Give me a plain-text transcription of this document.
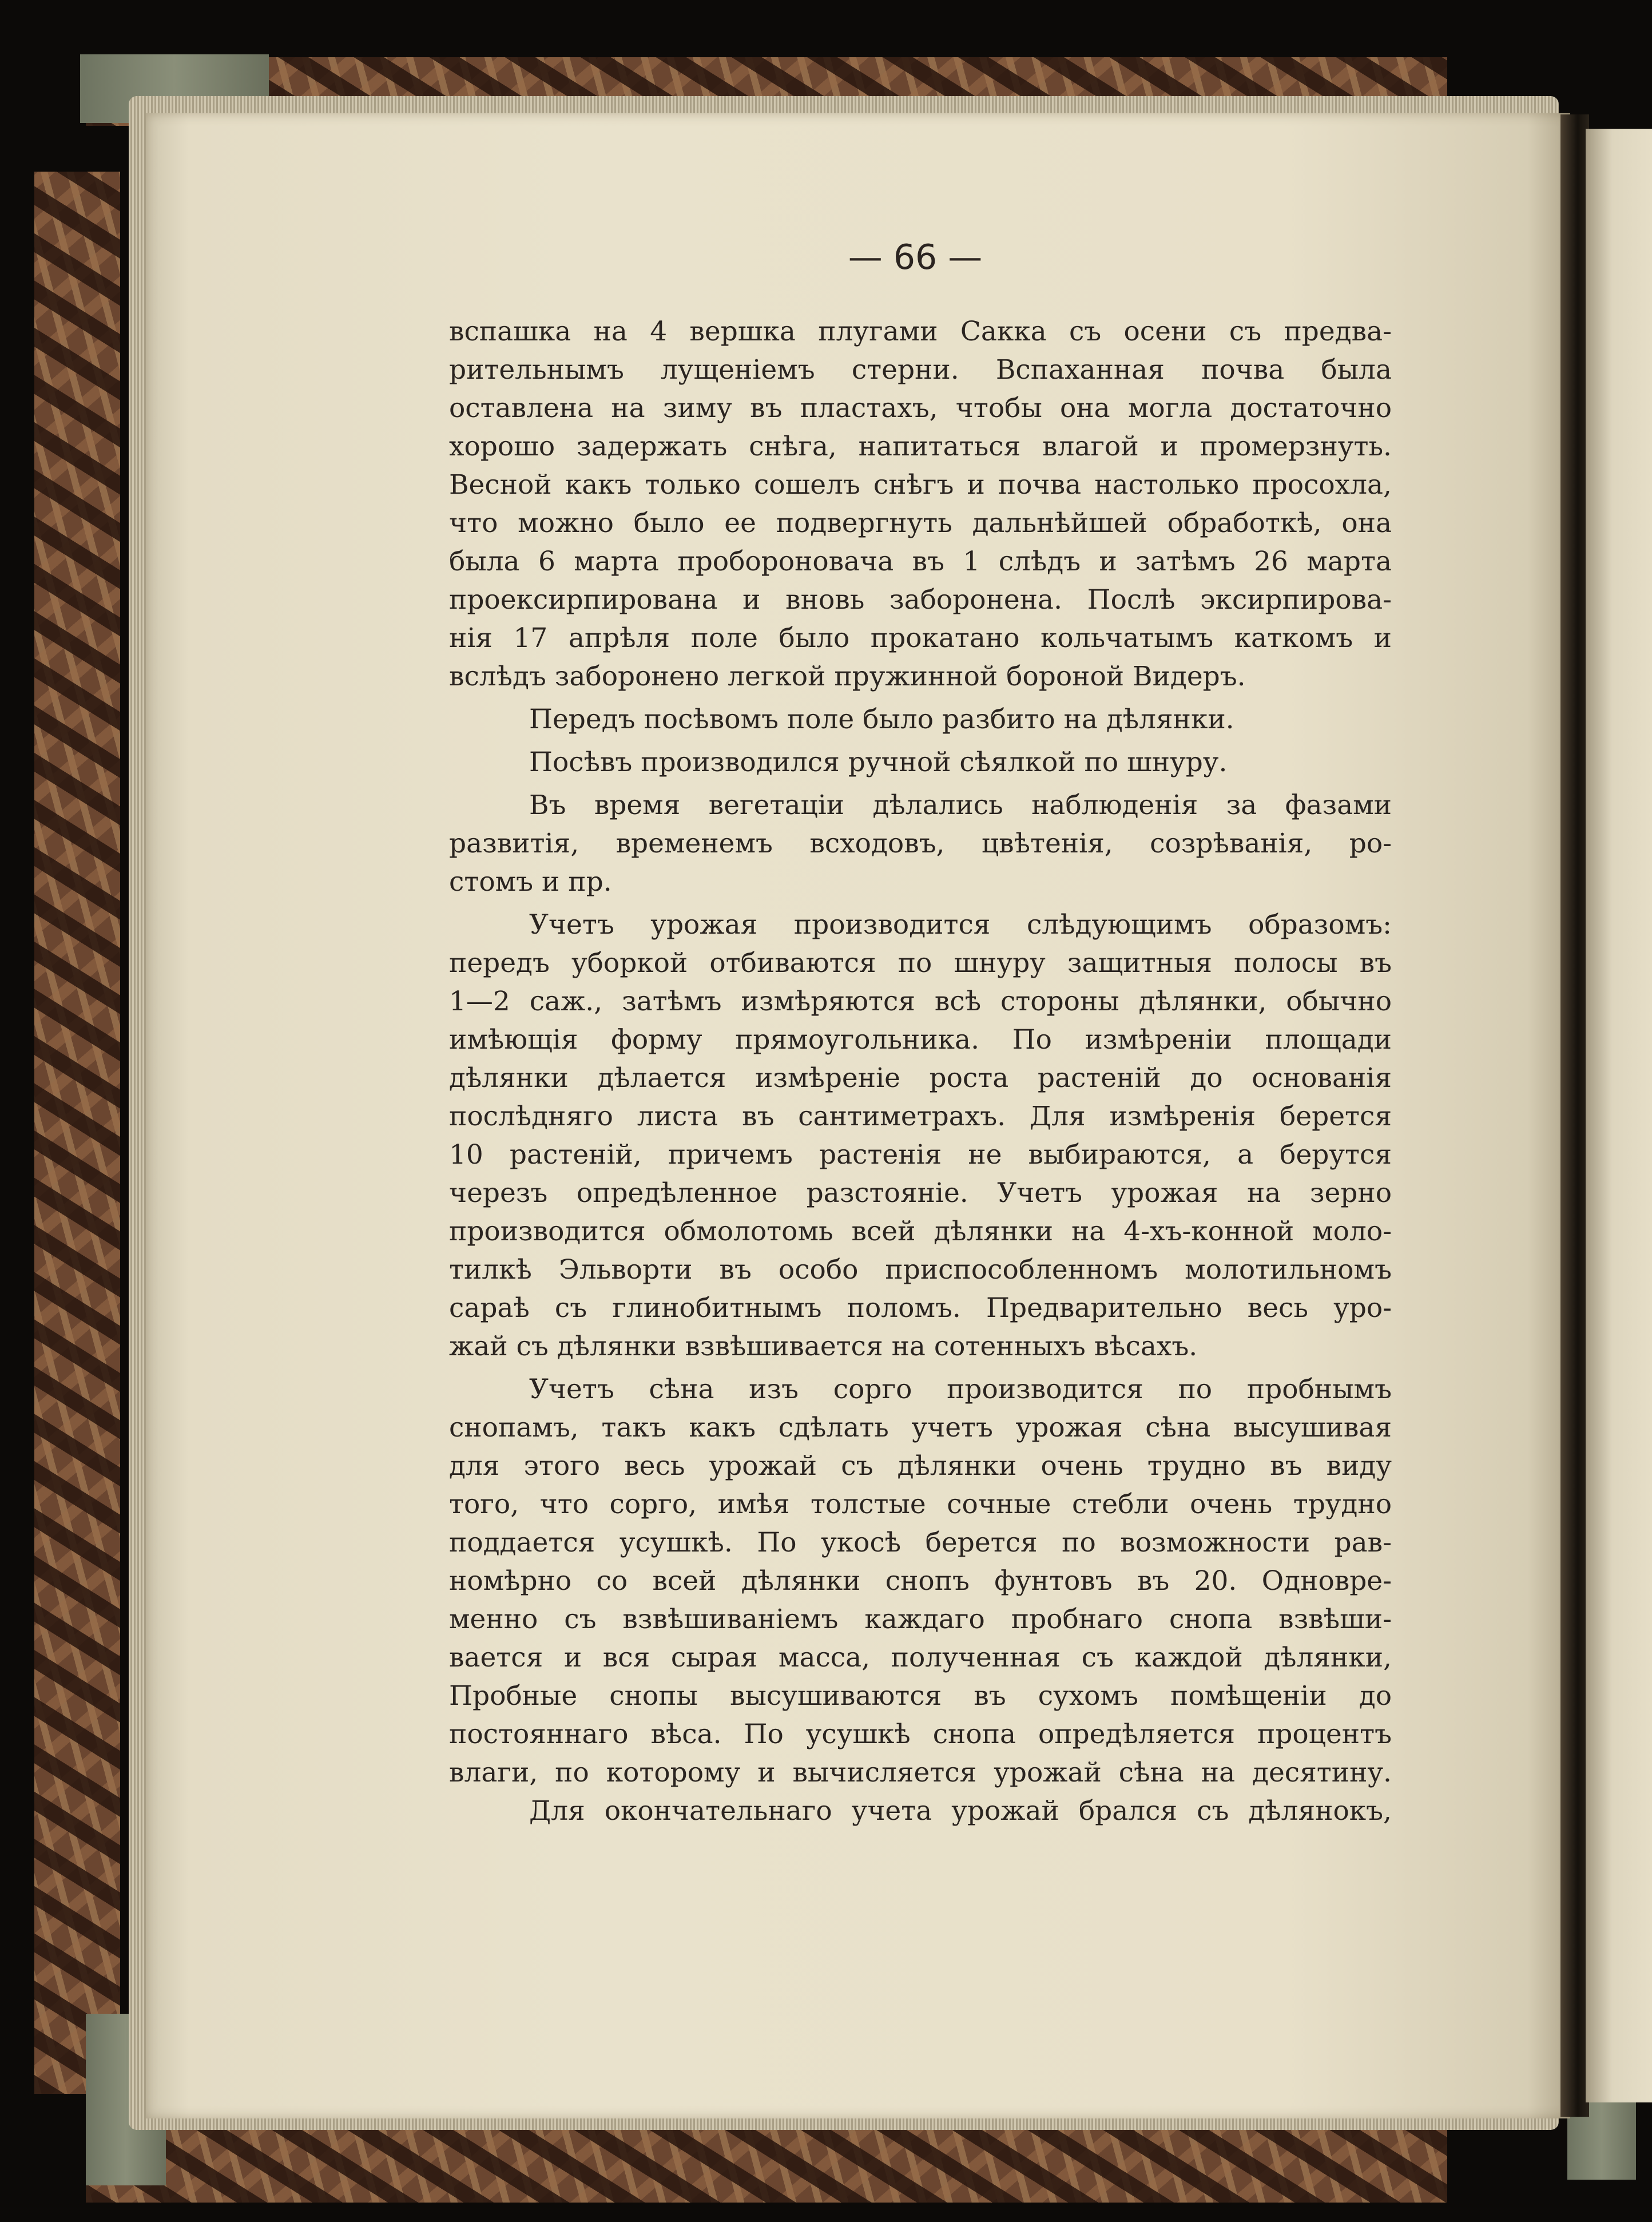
— 66 —

вспашка на 4 вершка плугами Сакка съ осени съ предва-

рительнымъ лущеніемъ стерни. Вспаханная почва была

оставлена на зиму въ пластахъ, чтобы она могла достаточно

хорошо задержать снѣга, напитаться влагой и промерзнуть.

Весной какъ только сошелъ снѣгъ и почва настолько просохла,

что можно было ее подвергнуть дальнѣйшей обработкѣ, она

была 6 марта пробороновача въ 1 слѣдъ и затѣмъ 26 марта

проексирпирована и вновь заборонена. Послѣ эксирпирова-

нія 17 апрѣля поле было прокатано кольчатымъ каткомъ и

вслѣдъ заборонено легкой пружинной бороной Видеръ.

Передъ посѣвомъ поле было разбито на дѣлянки.

Посѣвъ производился ручной сѣялкой по шнуру.

Въ время вегетаціи дѣлались наблюденія за фазами

развитія, временемъ всходовъ, цвѣтенія, созрѣванія, ро-

стомъ и пр.

Учетъ урожая производится слѣдующимъ образомъ:

передъ уборкой отбиваются по шнуру защитныя полосы въ

1—2 саж., затѣмъ измѣряются всѣ стороны дѣлянки, обычно

имѣющія форму прямоугольника. По измѣреніи площади

дѣлянки дѣлается измѣреніе роста растеній до основанія

послѣдняго листа въ сантиметрахъ. Для измѣренія берется

10 растеній, причемъ растенія не выбираются, а берутся

черезъ опредѣленное разстояніе. Учетъ урожая на зерно

производится обмолотомь всей дѣлянки на 4-хъ-конной моло-

тилкѣ Эльворти въ особо приспособленномъ молотильномъ

сараѣ съ глинобитнымъ поломъ. Предварительно весь уро-

жай съ дѣлянки взвѣшивается на сотенныхъ вѣсахъ.

Учетъ сѣна изъ сорго производится по пробнымъ

снопамъ, такъ какъ сдѣлать учетъ урожая сѣна высушивая

для этого весь урожай съ дѣлянки очень трудно въ виду

того, что сорго, имѣя толстые сочные стебли очень трудно

поддается усушкѣ. По укосѣ берется по возможности рав-

номѣрно со всей дѣлянки снопъ фунтовъ въ 20. Одновре-

менно съ взвѣшиваніемъ каждаго пробнаго снопа взвѣши-

вается и вся сырая масса, полученная съ каждой дѣлянки,

Пробные снопы высушиваются въ сухомъ помѣщеніи до

постояннаго вѣса. По усушкѣ снопа опредѣляется процентъ

влаги, по которому и вычисляется урожай сѣна на десятину.

Для окончательнаго учета урожай брался съ дѣлянокъ,
